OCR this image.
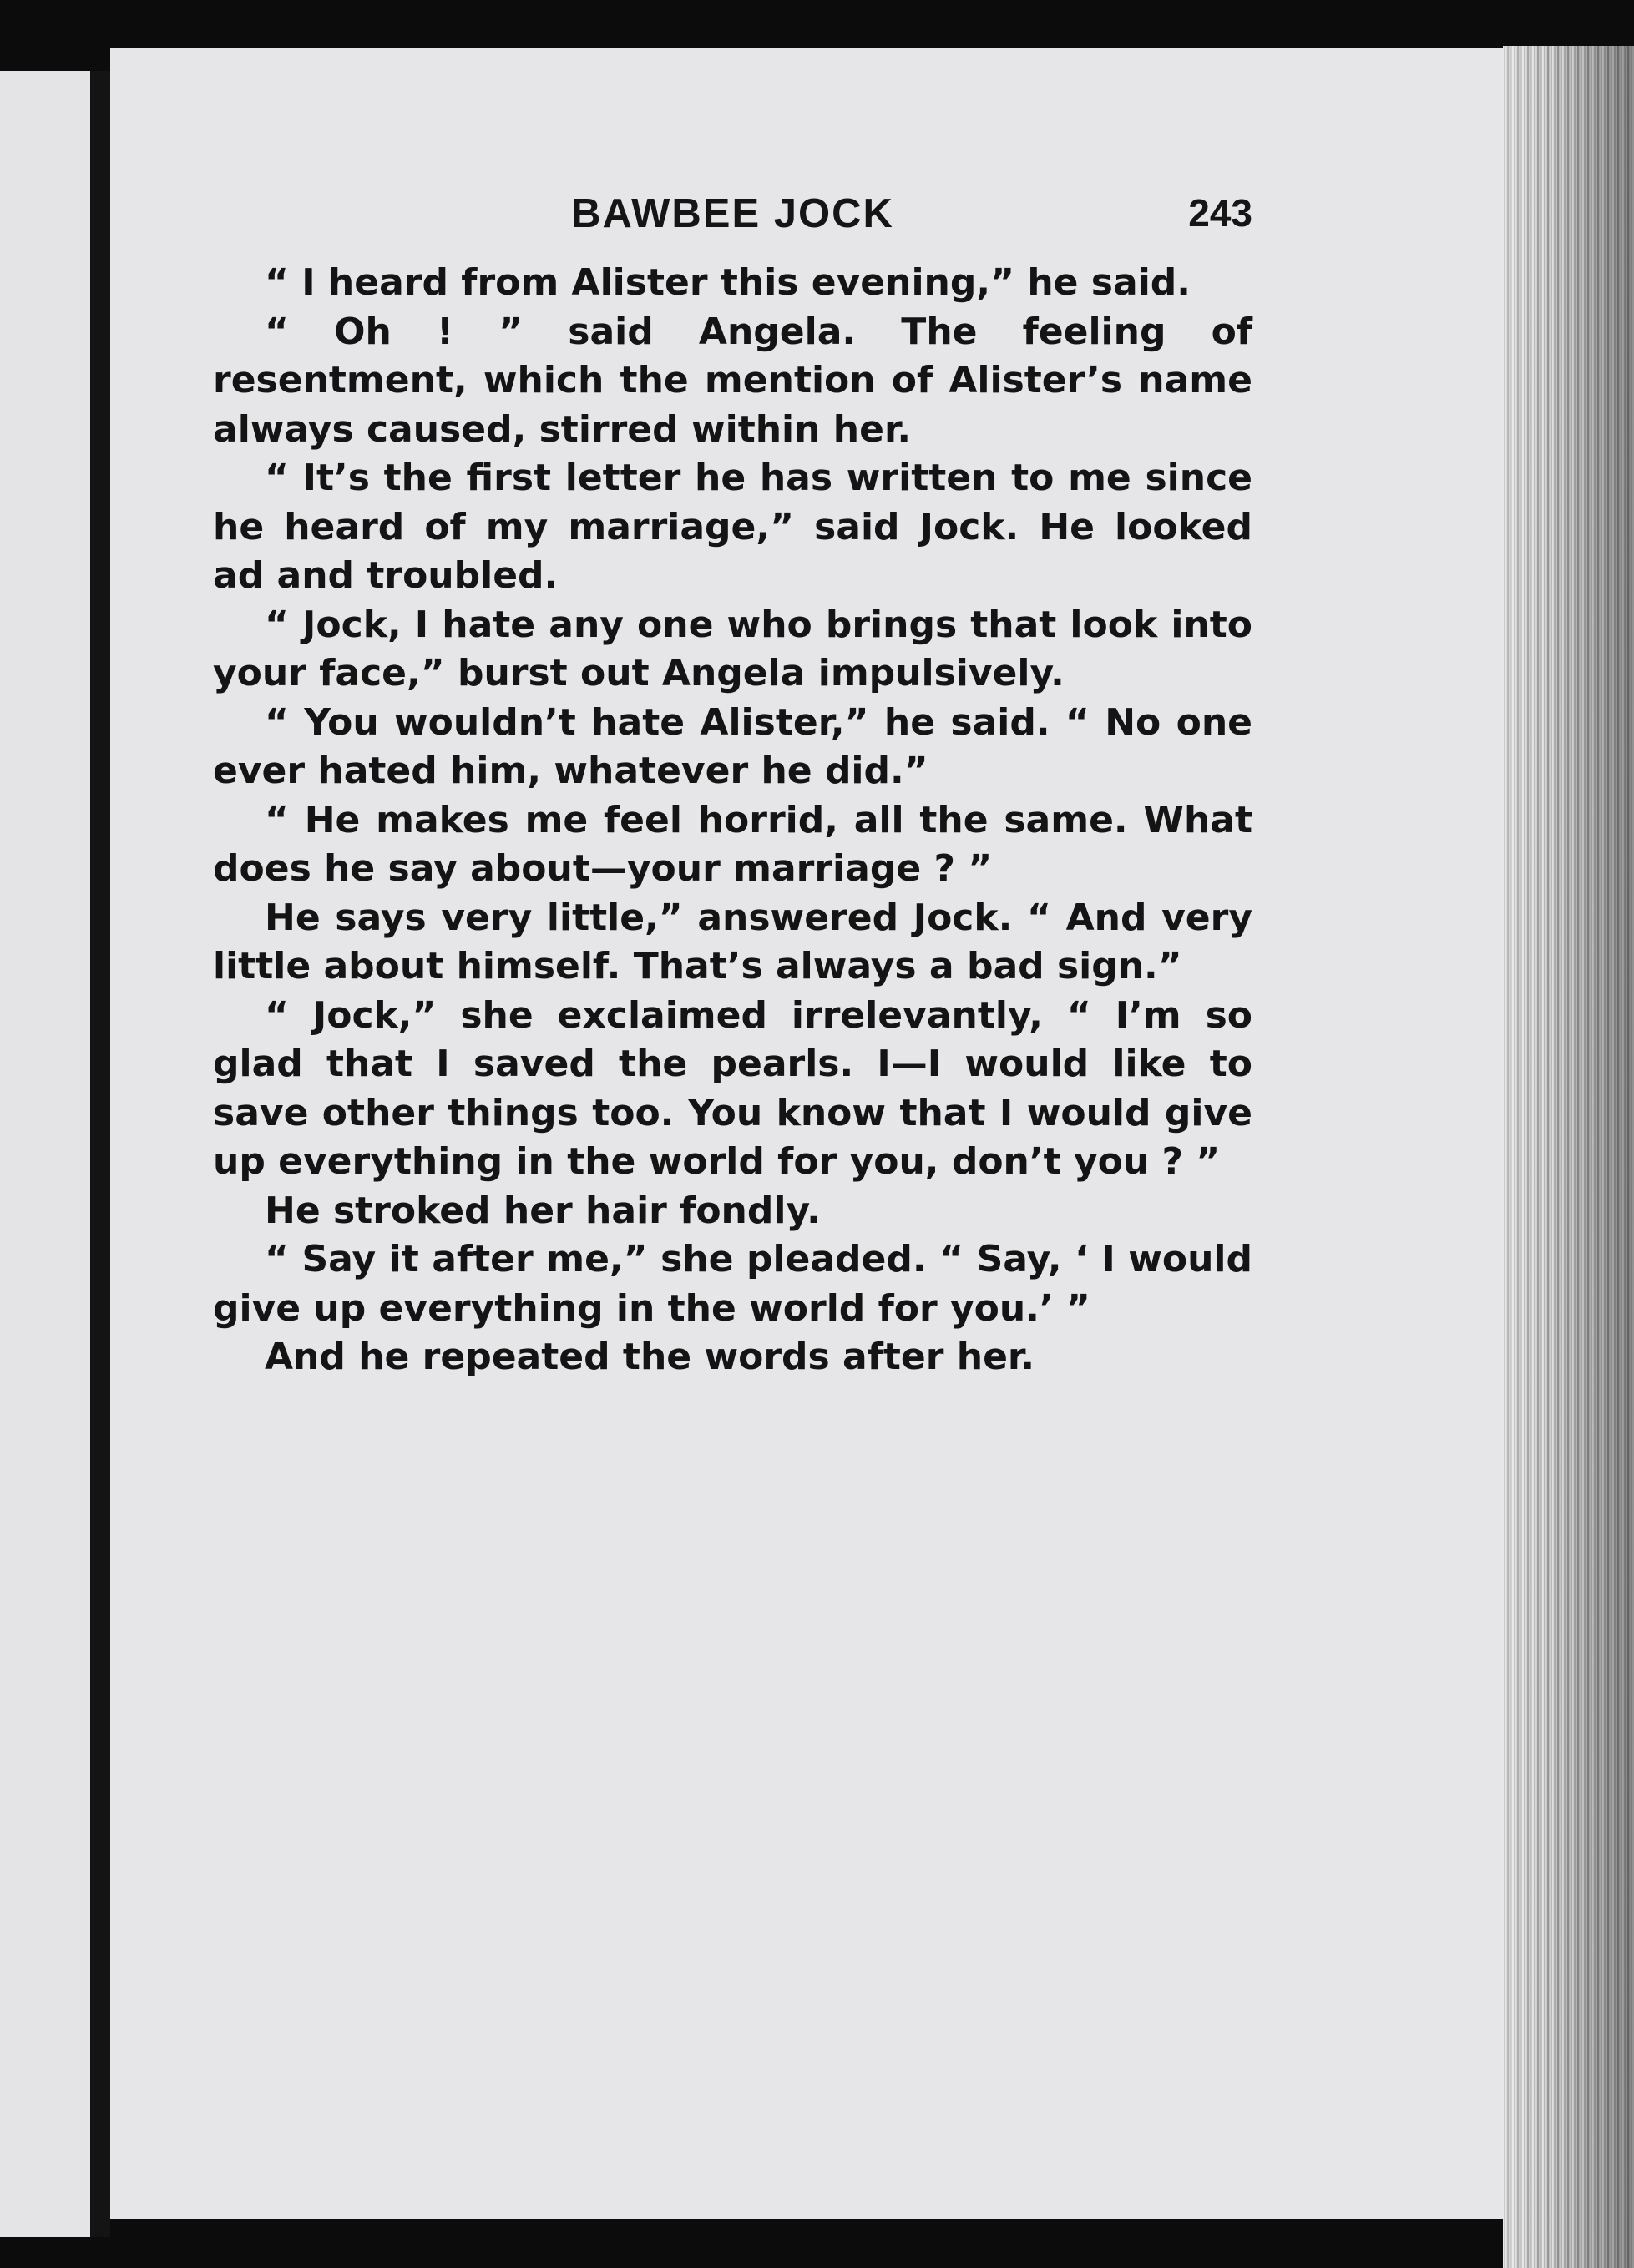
BAWBEE JOCK	243

“ I heard from Alister this evening,” he said.

“ Oh ! ” said Angela. The feeling of resentment, which the mention of Alister’s name always caused, stirred within her.

“ It’s the first letter he has written to me since he heard of my marriage,” said Jock. He looked ad and troubled.

“ Jock, I hate any one who brings that look into your face,” burst out Angela impulsively.

“ You wouldn’t hate Alister,” he said. “ No one ever hated him, whatever he did.”

“ He makes me feel horrid, all the same. What does he say about—your marriage ? ”

He says very little,” answered Jock. “ And very little about himself. That’s always a bad sign.”

“ Jock,” she exclaimed irrelevantly, “ I’m so glad that I saved the pearls. I—I would like to save other things too. You know that I would give up everything in the world for you, don’t you ? ”

He stroked her hair fondly.

“ Say it after me,” she pleaded. “ Say, ‘ I would give up everything in the world for you.’ ”

And he repeated the words after her.
